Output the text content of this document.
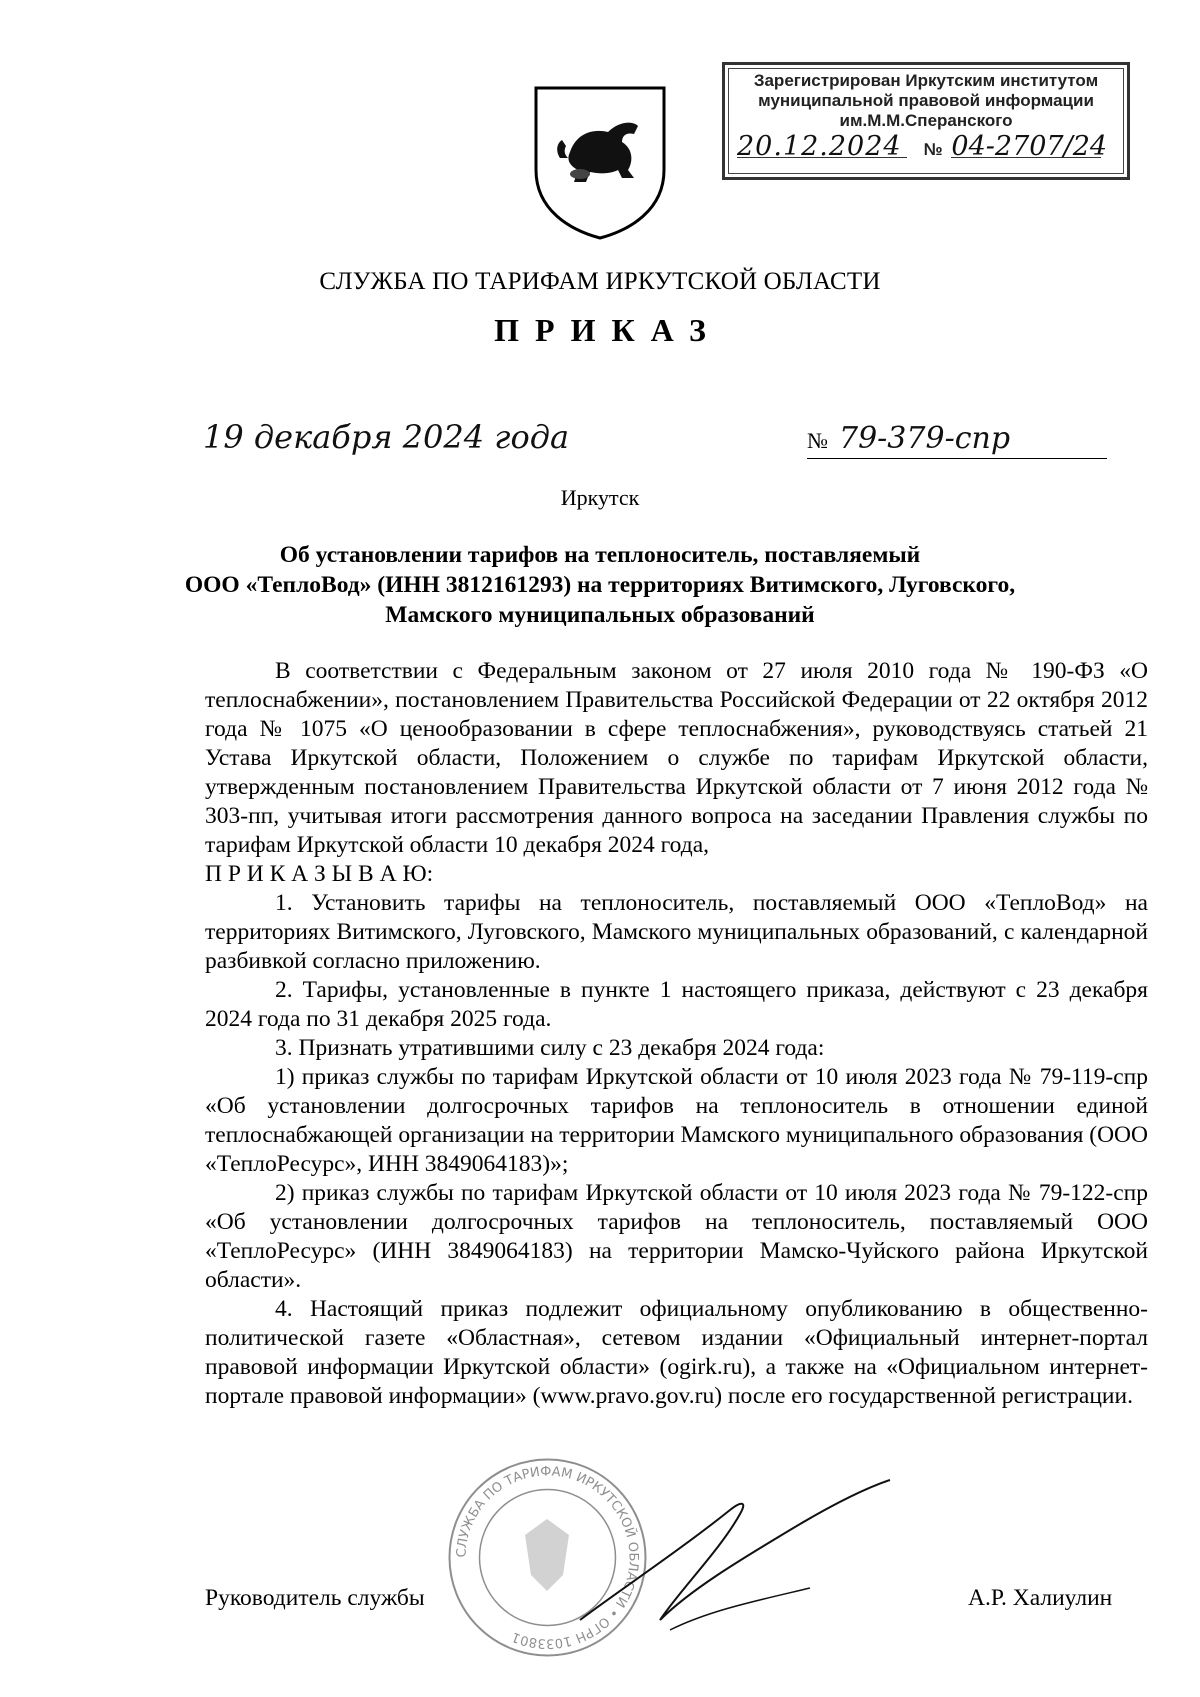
Зарегистрирован Иркутским институтом
муниципальной правовой информации
им.М.М.Сперанского
20.12.2024 № 04-2707/24
СЛУЖБА ПО ТАРИФАМ ИРКУТСКОЙ ОБЛАСТИ
ПРИКАЗ
19 декабря 2024 года	№ 79-379-спр
Иркутск
Об установлении тарифов на теплоноситель, поставляемый
ООО «ТеплоВод» (ИНН 3812161293) на территориях Витимского, Луговского,
Мамского муниципальных образований

В соответствии с Федеральным законом от 27 июля 2010 года № 190-ФЗ «О теплоснабжении», постановлением Правительства Российской Федерации от 22 октября 2012 года № 1075 «О ценообразовании в сфере теплоснабжения», руководствуясь статьей 21 Устава Иркутской области, Положением о службе по тарифам Иркутской области, утвержденным постановлением Правительства Иркутской области от 7 июня 2012 года № 303-пп, учитывая итоги рассмотрения данного вопроса на заседании Правления службы по тарифам Иркутской области 10 декабря 2024 года,

П Р И К А З Ы В А Ю:

1. Установить тарифы на теплоноситель, поставляемый ООО «ТеплоВод» на территориях Витимского, Луговского, Мамского муниципальных образований, с календарной разбивкой согласно приложению.

2. Тарифы, установленные в пункте 1 настоящего приказа, действуют с 23 декабря 2024 года по 31 декабря 2025 года.

3. Признать утратившими силу с 23 декабря 2024 года:

1) приказ службы по тарифам Иркутской области от 10 июля 2023 года № 79-119-спр «Об установлении долгосрочных тарифов на теплоноситель в отношении единой теплоснабжающей организации на территории Мамского муниципального образования (ООО «ТеплоРесурс», ИНН 3849064183)»;

2) приказ службы по тарифам Иркутской области от 10 июля 2023 года № 79-122-спр «Об установлении долгосрочных тарифов на теплоноситель, поставляемый ООО «ТеплоРесурс» (ИНН 3849064183) на территории Мамско-Чуйского района Иркутской области».

4. Настоящий приказ подлежит официальному опубликованию в общественно-политической газете «Областная», сетевом издании «Официальный интернет-портал правовой информации Иркутской области» (ogirk.ru), а также на «Официальном интернет-портале правовой информации» (www.pravo.gov.ru) после его государственной регистрации.

СЛУЖБА ПО ТАРИФАМ ИРКУТСКОЙ ОБЛАСТИ • ОГРН 1033801
Руководитель службы	А.Р. Халиулин
